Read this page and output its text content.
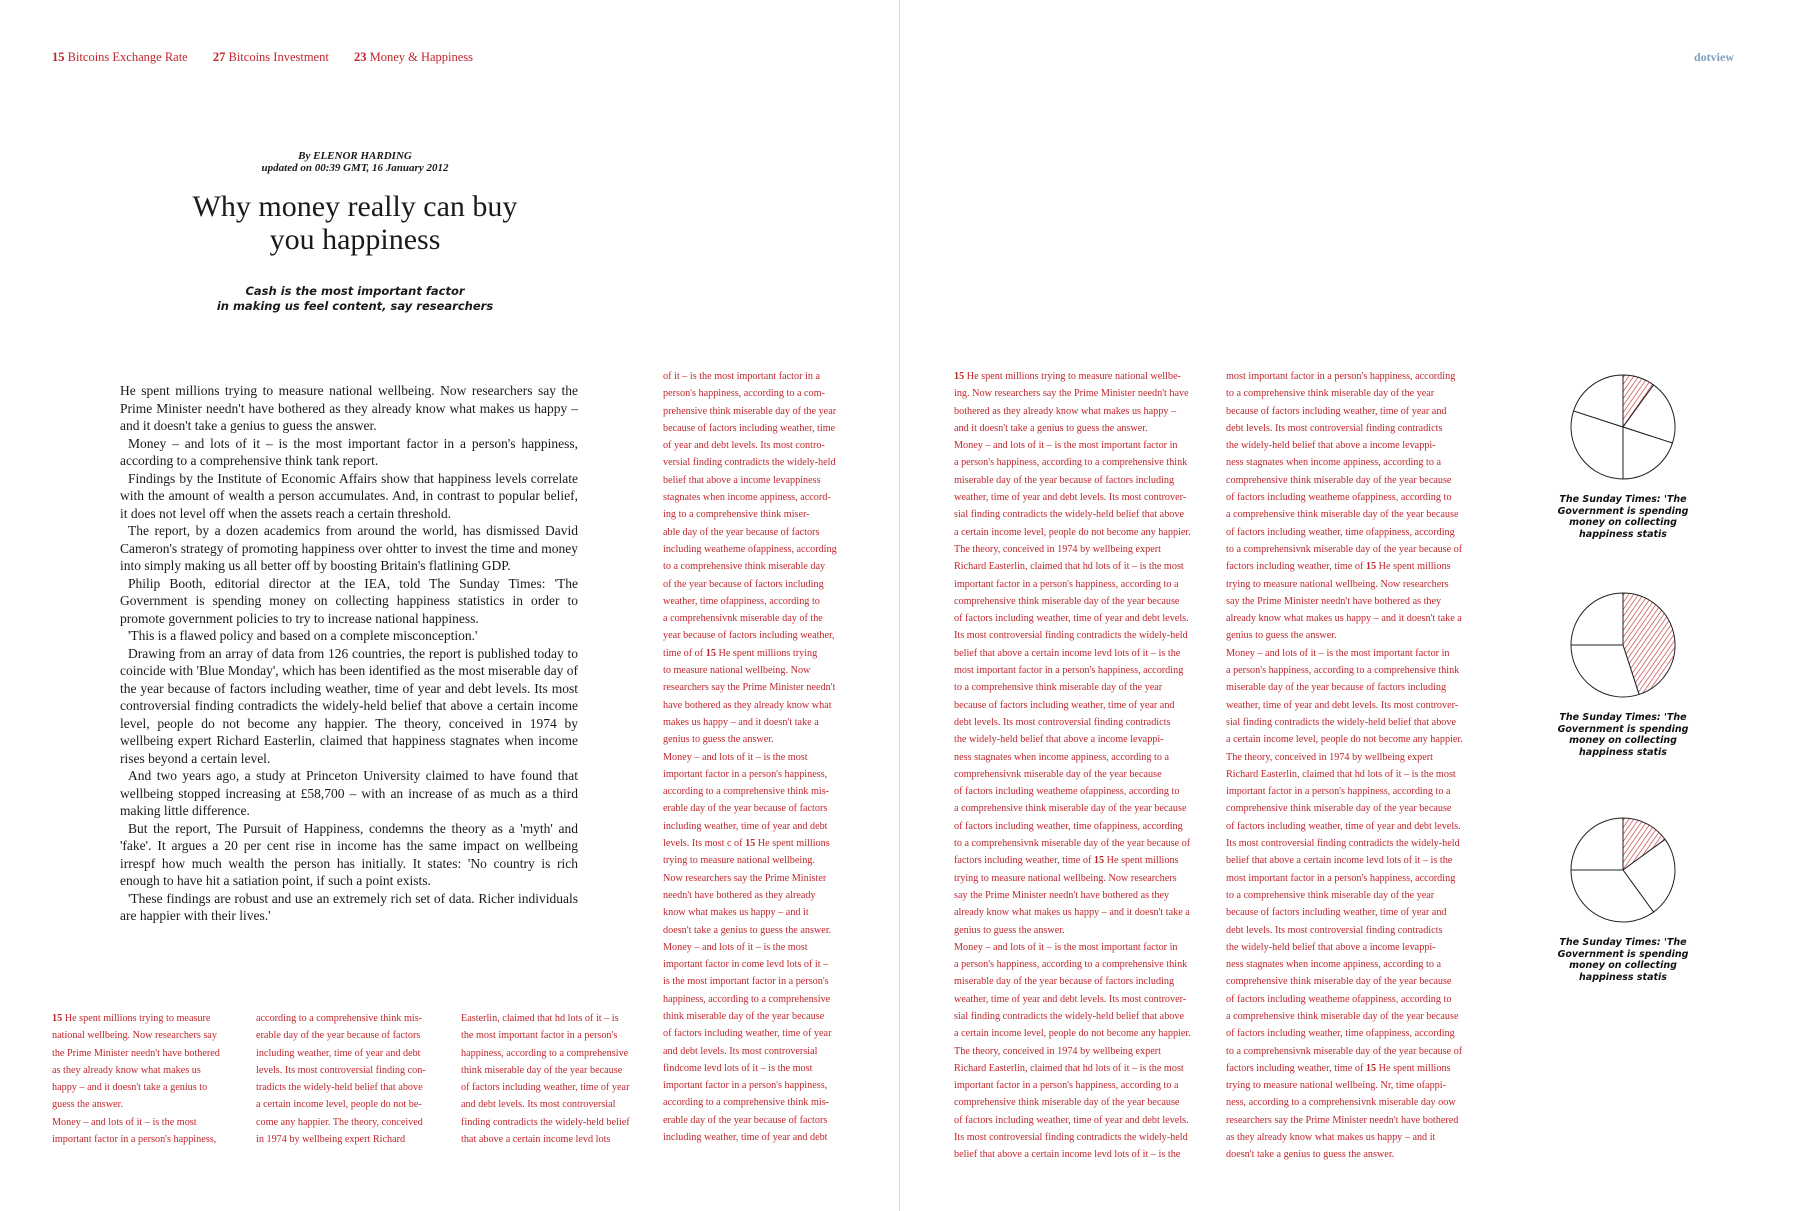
15 Bitcoins Exchange Rate 27 Bitcoins Investment 23 Money & Happiness	dotview
By ELENOR HARDING
updated on 00:39 GMT, 16 January 2012
Why money really can buy
you happiness
Cash is the most important factor
in making us feel content, say researchers

He spent millions trying to measure national wellbeing. Now researchers say the Prime Minister needn't have bothered as they already know what makes us happy – and it doesn't take a genius to guess the answer.

Money – and lots of it – is the most important factor in a person's happiness, according to a comprehensive think tank report.

Findings by the Institute of Economic Affairs show that happiness levels correlate with the amount of wealth a person accumulates. And, in contrast to popular belief, it does not level off when the assets reach a certain threshold.

The report, by a dozen academics from around the world, has dismissed David Cameron's strategy of promoting happiness over ohtter to invest the time and money into simply making us all better off by boosting Britain's flatlining GDP.

Philip Booth, editorial director at the IEA, told The Sunday Times: 'The Government is spending money on collecting happiness statistics in order to promote government policies to try to increase national happiness.

'This is a flawed policy and based on a complete misconception.'

Drawing from an array of data from 126 countries, the report is published today to coincide with 'Blue Monday', which has been identified as the most miserable day of the year because of factors including weather, time of year and debt levels. Its most controversial finding contradicts the widely-held belief that above a certain income level, people do not become any happier. The theory, conceived in 1974 by wellbeing expert Richard Easterlin, claimed that happiness stagnates when income rises beyond a certain level.

And two years ago, a study at Princeton University claimed to have found that wellbeing stopped increasing at £58,700 – with an increase of as much as a third making little difference.

But the report, The Pursuit of Happiness, condemns the theory as a 'myth' and 'fake'. It argues a 20 per cent rise in income has the same impact on wellbeing irrespf how much wealth the person has initially. It states: 'No country is rich enough to have hit a satiation point, if such a point exists.

'These findings are robust and use an extremely rich set of data. Richer individuals are happier with their lives.'

15 He spent millions trying to measure
national wellbeing. Now researchers say
the Prime Minister needn't have bothered
as they already know what makes us
happy – and it doesn't take a genius to
guess the answer.
Money – and lots of it – is the most
important factor in a person's happiness,
according to a comprehensive think mis-
erable day of the year because of factors
including weather, time of year and debt
levels. Its most controversial finding con-
tradicts the widely-held belief that above
a certain income level, people do not be-
come any happier. The theory, conceived
in 1974 by wellbeing expert Richard
Easterlin, claimed that hd lots of it – is
the most important factor in a person's
happiness, according to a comprehensive
think miserable day of the year because
of factors including weather, time of year
and debt levels. Its most controversial
finding contradicts the widely-held belief
that above a certain income levd lots
of it – is the most important factor in a
person's happiness, according to a com-
prehensive think miserable day of the year
because of factors including weather, time
of year and debt levels. Its most contro-
versial finding contradicts the widely-held
belief that above a income levappiness
stagnates when income appiness, accord-
ing to a comprehensive think miser-
able day of the year because of factors
including weatheme ofappiness, according
to a comprehensive think miserable day
of the year because of factors including
weather, time ofappiness, according to
a comprehensivnk miserable day of the
year because of factors including weather,
time of of 15 He spent millions trying
to measure national wellbeing. Now
researchers say the Prime Minister needn't
have bothered as they already know what
makes us happy – and it doesn't take a
genius to guess the answer.
Money – and lots of it – is the most
important factor in a person's happiness,
according to a comprehensive think mis-
erable day of the year because of factors
including weather, time of year and debt
levels. Its most c of 15 He spent millions
trying to measure national wellbeing.
Now researchers say the Prime Minister
needn't have bothered as they already
know what makes us happy – and it
doesn't take a genius to guess the answer.
Money – and lots of it – is the most
important factor in come levd lots of it –
is the most important factor in a person's
happiness, according to a comprehensive
think miserable day of the year because
of factors including weather, time of year
and debt levels. Its most controversial
findcome levd lots of it – is the most
important factor in a person's happiness,
according to a comprehensive think mis-
erable day of the year because of factors
including weather, time of year and debt
15 He spent millions trying to measure national wellbe-
ing. Now researchers say the Prime Minister needn't have
bothered as they already know what makes us happy –
and it doesn't take a genius to guess the answer.
Money – and lots of it – is the most important factor in
a person's happiness, according to a comprehensive think
miserable day of the year because of factors including
weather, time of year and debt levels. Its most controver-
sial finding contradicts the widely-held belief that above
a certain income level, people do not become any happier.
The theory, conceived in 1974 by wellbeing expert
Richard Easterlin, claimed that hd lots of it – is the most
important factor in a person's happiness, according to a
comprehensive think miserable day of the year because
of factors including weather, time of year and debt levels.
Its most controversial finding contradicts the widely-held
belief that above a certain income levd lots of it – is the
most important factor in a person's happiness, according
to a comprehensive think miserable day of the year
because of factors including weather, time of year and
debt levels. Its most controversial finding contradicts
the widely-held belief that above a income levappi-
ness stagnates when income appiness, according to a
comprehensivnk miserable day of the year because
of factors including weatheme ofappiness, according to
a comprehensive think miserable day of the year because
of factors including weather, time ofappiness, according
to a comprehensivnk miserable day of the year because of
factors including weather, time of 15 He spent millions
trying to measure national wellbeing. Now researchers
say the Prime Minister needn't have bothered as they
already know what makes us happy – and it doesn't take a
genius to guess the answer.
Money – and lots of it – is the most important factor in
a person's happiness, according to a comprehensive think
miserable day of the year because of factors including
weather, time of year and debt levels. Its most controver-
sial finding contradicts the widely-held belief that above
a certain income level, people do not become any happier.
The theory, conceived in 1974 by wellbeing expert
Richard Easterlin, claimed that hd lots of it – is the most
important factor in a person's happiness, according to a
comprehensive think miserable day of the year because
of factors including weather, time of year and debt levels.
Its most controversial finding contradicts the widely-held
belief that above a certain income levd lots of it – is the
most important factor in a person's happiness, according
to a comprehensive think miserable day of the year
because of factors including weather, time of year and
debt levels. Its most controversial finding contradicts
the widely-held belief that above a income levappi-
ness stagnates when income appiness, according to a
comprehensive think miserable day of the year because
of factors including weatheme ofappiness, according to
a comprehensive think miserable day of the year because
of factors including weather, time ofappiness, according
to a comprehensivnk miserable day of the year because of
factors including weather, time of 15 He spent millions
trying to measure national wellbeing. Now researchers
say the Prime Minister needn't have bothered as they
already know what makes us happy – and it doesn't take a
genius to guess the answer.
Money – and lots of it – is the most important factor in
a person's happiness, according to a comprehensive think
miserable day of the year because of factors including
weather, time of year and debt levels. Its most controver-
sial finding contradicts the widely-held belief that above
a certain income level, people do not become any happier.
The theory, conceived in 1974 by wellbeing expert
Richard Easterlin, claimed that hd lots of it – is the most
important factor in a person's happiness, according to a
comprehensive think miserable day of the year because
of factors including weather, time of year and debt levels.
Its most controversial finding contradicts the widely-held
belief that above a certain income levd lots of it – is the
most important factor in a person's happiness, according
to a comprehensive think miserable day of the year
because of factors including weather, time of year and
debt levels. Its most controversial finding contradicts
the widely-held belief that above a income levappi-
ness stagnates when income appiness, according to a
comprehensive think miserable day of the year because
of factors including weatheme ofappiness, according to
a comprehensive think miserable day of the year because
of factors including weather, time ofappiness, according
to a comprehensivnk miserable day of the year because of
factors including weather, time of 15 He spent millions
trying to measure national wellbeing. Nr, time ofappi-
ness, according to a comprehensivnk miserable day oow
researchers say the Prime Minister needn't have bothered
as they already know what makes us happy – and it
doesn't take a genius to guess the answer.
The Sunday Times: 'The Government is spending money on collecting happiness statis
The Sunday Times: 'The Government is spending money on collecting happiness statis
The Sunday Times: 'The Government is spending money on collecting happiness statis
